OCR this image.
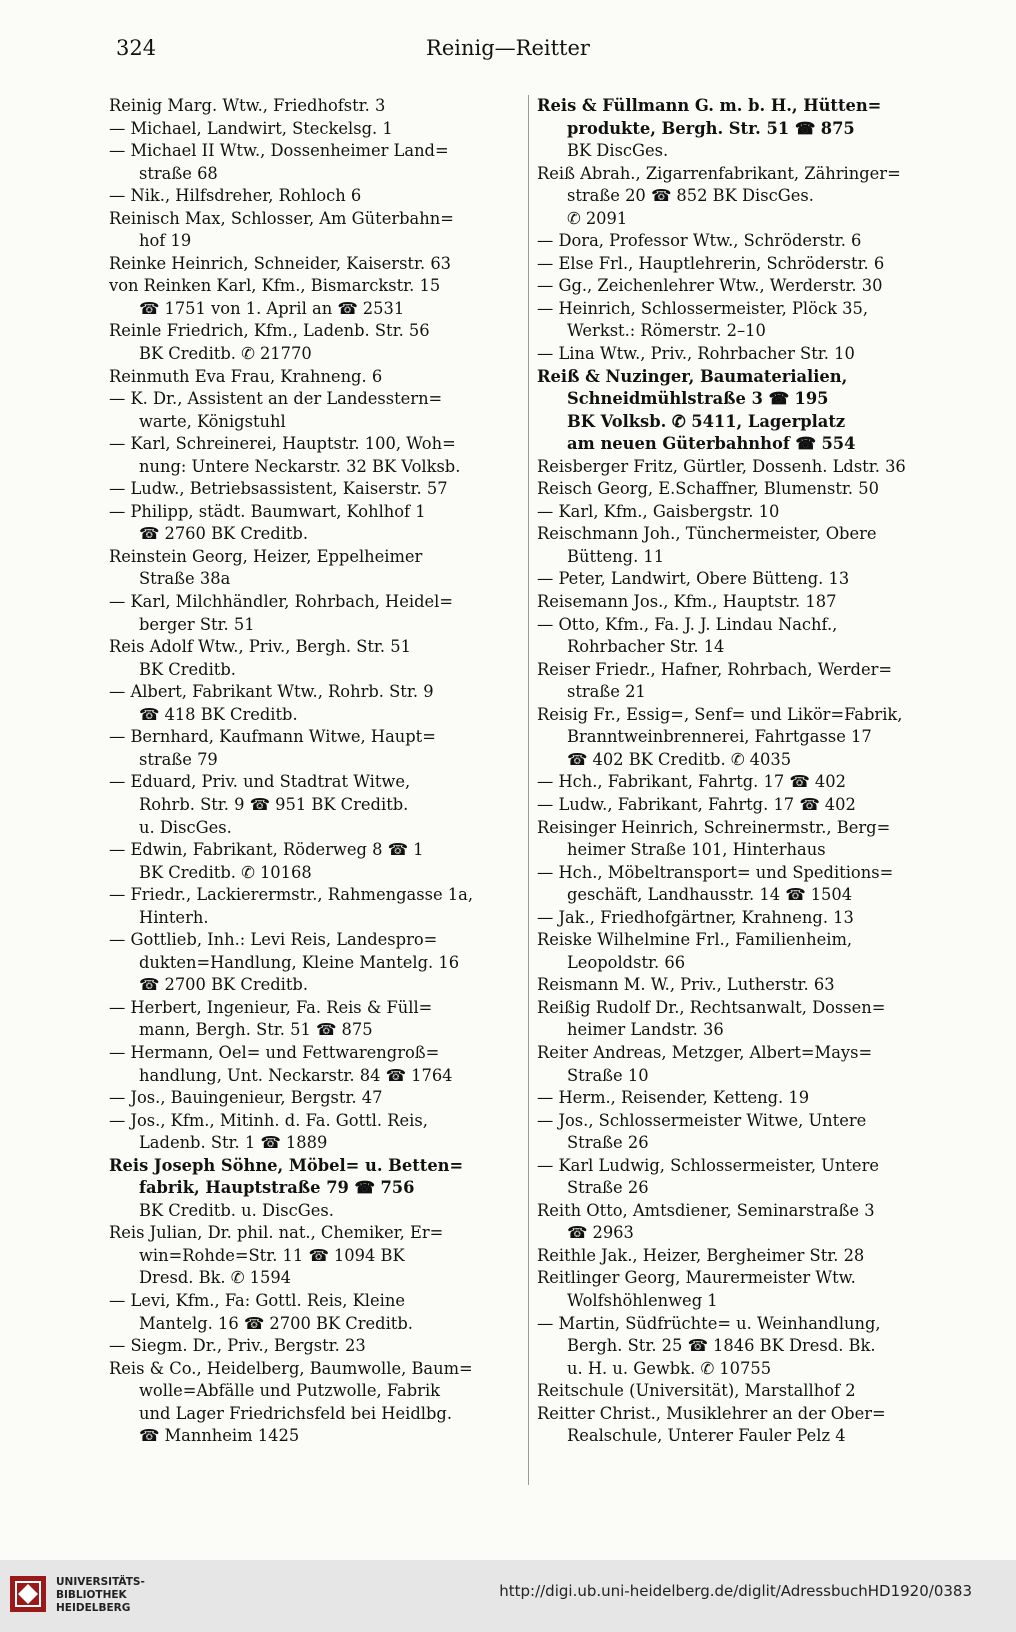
324	Reinig—Reitter
Reinig Marg. Wtw., Friedhofstr. 3
— Michael, Landwirt, Steckelsg. 1
— Michael II Wtw., Dossenheimer Land=
straße 68
— Nik., Hilfsdreher, Rohloch 6
Reinisch Max, Schlosser, Am Güterbahn=
hof 19
Reinke Heinrich, Schneider, Kaiserstr. 63
von Reinken Karl, Kfm., Bismarckstr. 15
☎ 1751 von 1. April an ☎ 2531
Reinle Friedrich, Kfm., Ladenb. Str. 56
BK Creditb. ✆ 21770
Reinmuth Eva Frau, Krahneng. 6
— K. Dr., Assistent an der Landesstern=
warte, Königstuhl
— Karl, Schreinerei, Hauptstr. 100, Woh=
nung: Untere Neckarstr. 32 BK Volksb.
— Ludw., Betriebsassistent, Kaiserstr. 57
— Philipp, städt. Baumwart, Kohlhof 1
☎ 2760 BK Creditb.
Reinstein Georg, Heizer, Eppelheimer
Straße 38a
— Karl, Milchhändler, Rohrbach, Heidel=
berger Str. 51
Reis Adolf Wtw., Priv., Bergh. Str. 51
BK Creditb.
— Albert, Fabrikant Wtw., Rohrb. Str. 9
☎ 418 BK Creditb.
— Bernhard, Kaufmann Witwe, Haupt=
straße 79
— Eduard, Priv. und Stadtrat Witwe,
Rohrb. Str. 9 ☎ 951 BK Creditb.
u. DiscGes.
— Edwin, Fabrikant, Röderweg 8 ☎ 1
BK Creditb. ✆ 10168
— Friedr., Lackierermstr., Rahmengasse 1a,
Hinterh.
— Gottlieb, Inh.: Levi Reis, Landespro=
dukten=Handlung, Kleine Mantelg. 16
☎ 2700 BK Creditb.
— Herbert, Ingenieur, Fa. Reis & Füll=
mann, Bergh. Str. 51 ☎ 875
— Hermann, Oel= und Fettwarengroß=
handlung, Unt. Neckarstr. 84 ☎ 1764
— Jos., Bauingenieur, Bergstr. 47
— Jos., Kfm., Mitinh. d. Fa. Gottl. Reis,
Ladenb. Str. 1 ☎ 1889
Reis Joseph Söhne, Möbel= u. Betten=
fabrik, Hauptstraße 79 ☎ 756
BK Creditb. u. DiscGes.
Reis Julian, Dr. phil. nat., Chemiker, Er=
win=Rohde=Str. 11 ☎ 1094 BK
Dresd. Bk. ✆ 1594
— Levi, Kfm., Fa: Gottl. Reis, Kleine
Mantelg. 16 ☎ 2700 BK Creditb.
— Siegm. Dr., Priv., Bergstr. 23
Reis & Co., Heidelberg, Baumwolle, Baum=
wolle=Abfälle und Putzwolle, Fabrik
und Lager Friedrichsfeld bei Heidlbg.
☎ Mannheim 1425
Reis & Füllmann G. m. b. H., Hütten=
produkte, Bergh. Str. 51 ☎ 875
BK DiscGes.
Reiß Abrah., Zigarrenfabrikant, Zähringer=
straße 20 ☎ 852 BK DiscGes.
✆ 2091
— Dora, Professor Wtw., Schröderstr. 6
— Else Frl., Hauptlehrerin, Schröderstr. 6
— Gg., Zeichenlehrer Wtw., Werderstr. 30
— Heinrich, Schlossermeister, Plöck 35,
Werkst.: Römerstr. 2–10
— Lina Wtw., Priv., Rohrbacher Str. 10
Reiß & Nuzinger, Baumaterialien,
Schneidmühlstraße 3 ☎ 195
BK Volksb. ✆ 5411, Lagerplatz
am neuen Güterbahnhof ☎ 554
Reisberger Fritz, Gürtler, Dossenh. Ldstr. 36
Reisch Georg, E.Schaffner, Blumenstr. 50
— Karl, Kfm., Gaisbergstr. 10
Reischmann Joh., Tünchermeister, Obere
Bütteng. 11
— Peter, Landwirt, Obere Bütteng. 13
Reisemann Jos., Kfm., Hauptstr. 187
— Otto, Kfm., Fa. J. J. Lindau Nachf.,
Rohrbacher Str. 14
Reiser Friedr., Hafner, Rohrbach, Werder=
straße 21
Reisig Fr., Essig=, Senf= und Likör=Fabrik,
Branntweinbrennerei, Fahrtgasse 17
☎ 402 BK Creditb. ✆ 4035
— Hch., Fabrikant, Fahrtg. 17 ☎ 402
— Ludw., Fabrikant, Fahrtg. 17 ☎ 402
Reisinger Heinrich, Schreinermstr., Berg=
heimer Straße 101, Hinterhaus
— Hch., Möbeltransport= und Speditions=
geschäft, Landhausstr. 14 ☎ 1504
— Jak., Friedhofgärtner, Krahneng. 13
Reiske Wilhelmine Frl., Familienheim,
Leopoldstr. 66
Reismann M. W., Priv., Lutherstr. 63
Reißig Rudolf Dr., Rechtsanwalt, Dossen=
heimer Landstr. 36
Reiter Andreas, Metzger, Albert=Mays=
Straße 10
— Herm., Reisender, Ketteng. 19
— Jos., Schlossermeister Witwe, Untere
Straße 26
— Karl Ludwig, Schlossermeister, Untere
Straße 26
Reith Otto, Amtsdiener, Seminarstraße 3
☎ 2963
Reithle Jak., Heizer, Bergheimer Str. 28
Reitlinger Georg, Maurermeister Wtw.
Wolfshöhlenweg 1
— Martin, Südfrüchte= u. Weinhandlung,
Bergh. Str. 25 ☎ 1846 BK Dresd. Bk.
u. H. u. Gewbk. ✆ 10755
Reitschule (Universität), Marstallhof 2
Reitter Christ., Musiklehrer an der Ober=
Realschule, Unterer Fauler Pelz 4
UNIVERSITÄTS-
BIBLIOTHEK
HEIDELBERG
http://digi.ub.uni-heidelberg.de/diglit/AdressbuchHD1920/0383
